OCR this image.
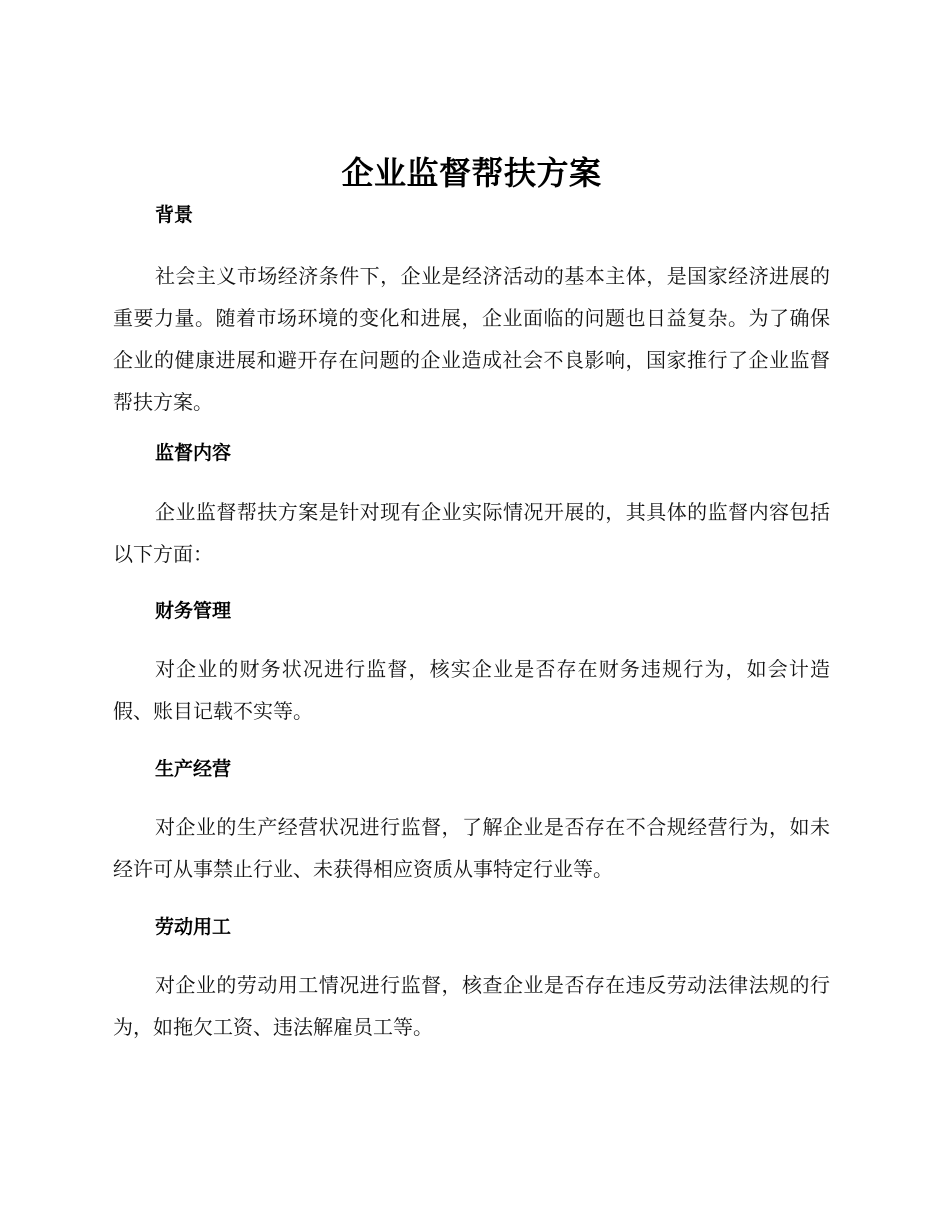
企业监督帮扶方案
背景

社会主义市场经济条件下，企业是经济活动的基本主体，是国家经济进展的重要力量。随着市场环境的变化和进展，企业面临的问题也日益复杂。为了确保企业的健康进展和避开存在问题的企业造成社会不良影响，国家推行了企业监督帮扶方案。

监督内容

企业监督帮扶方案是针对现有企业实际情况开展的，其具体的监督内容包括以下方面：

财务管理

对企业的财务状况进行监督，核实企业是否存在财务违规行为，如会计造假、账目记载不实等。

生产经营

对企业的生产经营状况进行监督，了解企业是否存在不合规经营行为，如未经许可从事禁止行业、未获得相应资质从事特定行业等。

劳动用工

对企业的劳动用工情况进行监督，核查企业是否存在违反劳动法律法规的行为，如拖欠工资、违法解雇员工等。
